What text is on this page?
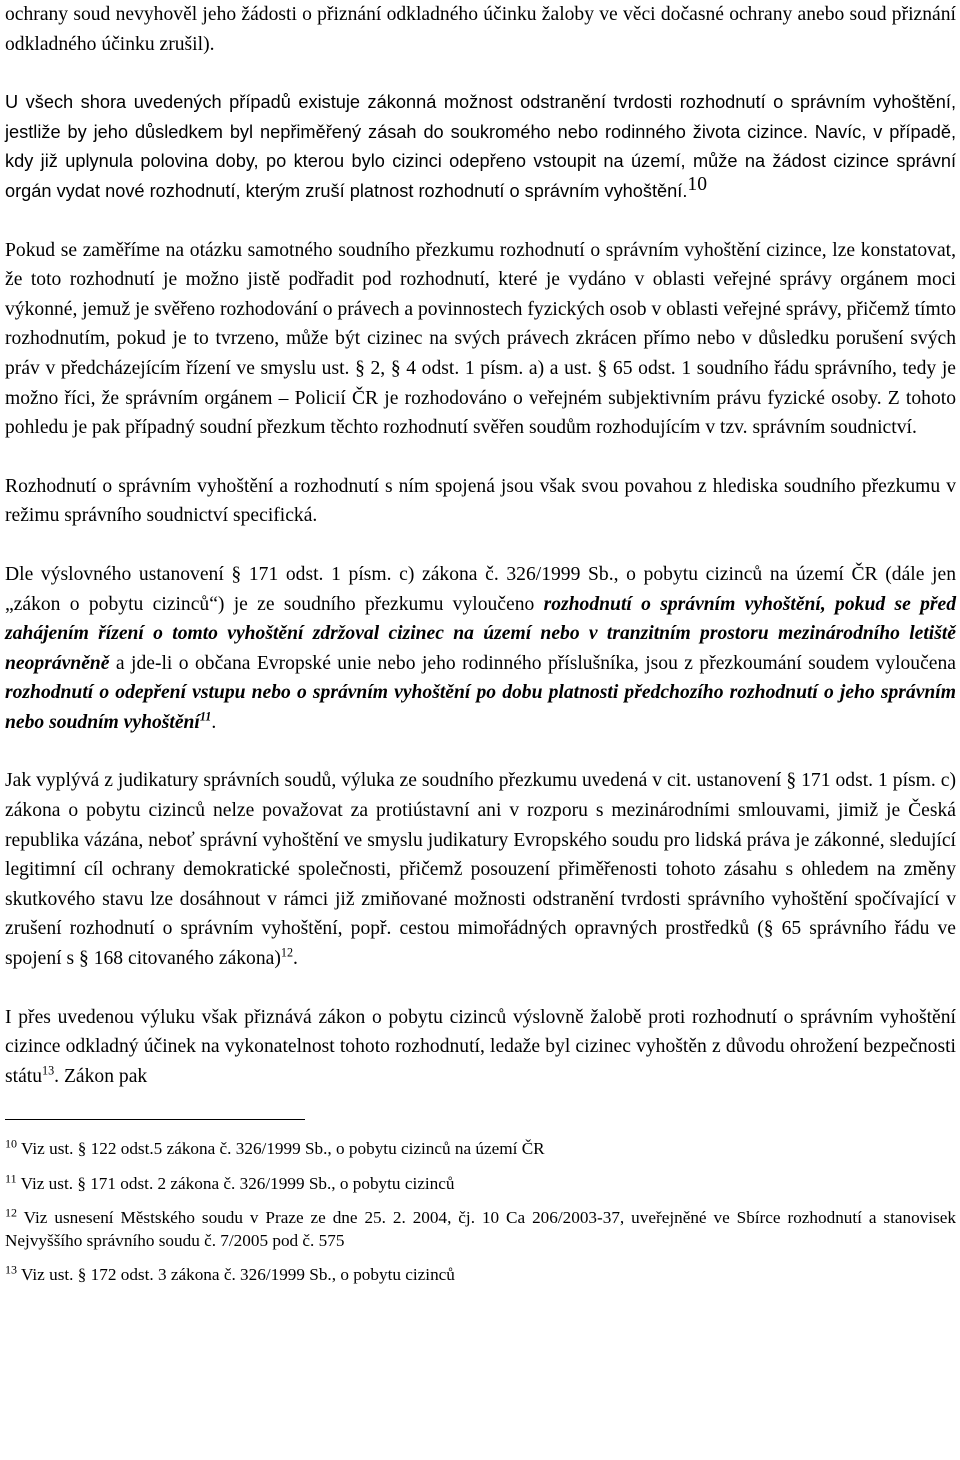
ochrany soud nevyhověl jeho žádosti o přiznání odkladného účinku žaloby ve věci dočasné ochrany anebo soud přiznání odkladného účinku zrušil).

U všech shora uvedených případů existuje zákonná možnost odstranění tvrdosti rozhodnutí o správním vyhoštění, jestliže by jeho důsledkem byl nepřiměřený zásah do soukromého nebo rodinného života cizince. Navíc, v případě, kdy již uplynula polovina doby, po kterou bylo cizinci odepřeno vstoupit na území, může na žádost cizince správní orgán vydat nové rozhodnutí, kterým zruší platnost rozhodnutí o správním vyhoštění.$^{10}$

Pokud se zaměříme na otázku samotného soudního přezkumu rozhodnutí o správním vyhoštění cizince, lze konstatovat, že toto rozhodnutí je možno jistě podřadit pod rozhodnutí, které je vydáno v oblasti veřejné správy orgánem moci výkonné, jemuž je svěřeno rozhodování o právech a povinnostech fyzických osob v oblasti veřejné správy, přičemž tímto rozhodnutím, pokud je to tvrzeno, může být cizinec na svých právech zkrácen přímo nebo v důsledku porušení svých práv v předcházejícím řízení ve smyslu ust. § 2, § 4 odst. 1 písm. a) a ust. § 65 odst. 1 soudního řádu správního, tedy je možno říci, že správním orgánem – Policií ČR je rozhodováno o veřejném subjektivním právu fyzické osoby. Z tohoto pohledu je pak případný soudní přezkum těchto rozhodnutí svěřen soudům rozhodujícím v tzv. správním soudnictví.

Rozhodnutí o správním vyhoštění a rozhodnutí s ním spojená jsou však svou povahou z hlediska soudního přezkumu v režimu správního soudnictví specifická.

Dle výslovného ustanovení § 171 odst. 1 písm. c) zákona č. 326/1999 Sb., o pobytu cizinců na území ČR (dále jen „zákon o pobytu cizinců“) je ze soudního přezkumu vyloučeno rozhodnutí o správním vyhoštění, pokud se před zahájením řízení o tomto vyhoštění zdržoval cizinec na území nebo v tranzitním prostoru mezinárodního letiště neoprávněně a jde-li o občana Evropské unie nebo jeho rodinného příslušníka, jsou z přezkoumání soudem vyloučena rozhodnutí o odepření vstupu nebo o správním vyhoštění po dobu platnosti předchozího rozhodnutí o jeho správním nebo soudním vyhoštění$^{11}$.

Jak vyplývá z judikatury správních soudů, výluka ze soudního přezkumu uvedená v cit. ustanovení § 171 odst. 1 písm. c) zákona o pobytu cizinců nelze považovat za protiústavní ani v rozporu s mezinárodními smlouvami, jimiž je Česká republika vázána, neboť správní vyhoštění ve smyslu judikatury Evropského soudu pro lidská práva je zákonné, sledující legitimní cíl ochrany demokratické společnosti, přičemž posouzení přiměřenosti tohoto zásahu s ohledem na změny skutkového stavu lze dosáhnout v rámci již zmiňované možnosti odstranění tvrdosti správního vyhoštění spočívající v zrušení rozhodnutí o správním vyhoštění, popř. cestou mimořádných opravných prostředků (§ 65 správního řádu ve spojení s § 168 citovaného zákona)$^{12}$.

I přes uvedenou výluku však přiznává zákon o pobytu cizinců výslovně žalobě proti rozhodnutí o správním vyhoštění cizince odkladný účinek na vykonatelnost tohoto rozhodnutí, ledaže byl cizinec vyhoštěn z důvodu ohrožení bezpečnosti státu$^{13}$. Zákon pak

$^{10}$ Viz ust. § 122 odst.5 zákona č. 326/1999 Sb., o pobytu cizinců na území ČR

$^{11}$ Viz ust. § 171 odst. 2 zákona č. 326/1999 Sb., o pobytu cizinců

$^{12}$ Viz usnesení Městského soudu v Praze ze dne 25. 2. 2004, čj. 10 Ca 206/2003-37, uveřejněné ve Sbírce rozhodnutí a stanovisek Nejvyššího správního soudu č. 7/2005 pod č. 575

$^{13}$ Viz ust. § 172 odst. 3 zákona č. 326/1999 Sb., o pobytu cizinců
